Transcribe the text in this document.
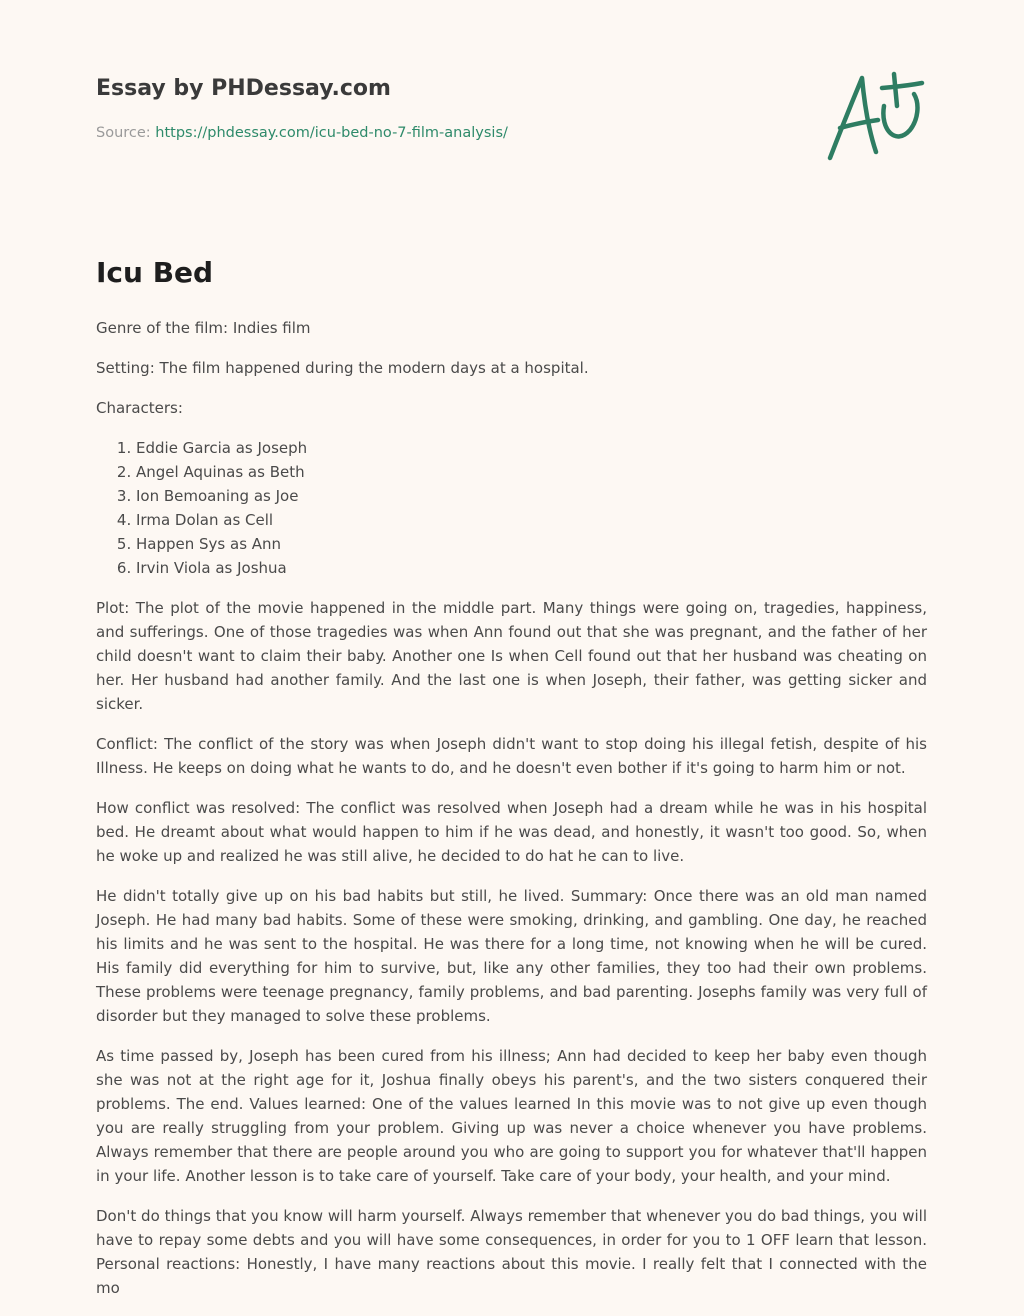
Essay by PHDessay.com
Source: https://phdessay.com/icu-bed-no-7-film-analysis/
Icu Bed

Genre of the film: Indies film

Setting: The film happened during the modern days at a hospital.

Characters:

1. Eddie Garcia as Joseph
2. Angel Aquinas as Beth
3. Ion Bemoaning as Joe
4. Irma Dolan as Cell
5. Happen Sys as Ann
6. Irvin Viola as Joshua

Plot: The plot of the movie happened in the middle part. Many things were going on, tragedies, happiness, and sufferings. One of those tragedies was when Ann found out that she was pregnant, and the father of her child doesn't want to claim their baby. Another one Is when Cell found out that her husband was cheating on her. Her husband had another family. And the last one is when Joseph, their father, was getting sicker and sicker.

Conflict: The conflict of the story was when Joseph didn't want to stop doing his illegal fetish, despite of his Illness. He keeps on doing what he wants to do, and he doesn't even bother if it's going to harm him or not.

How conflict was resolved: The conflict was resolved when Joseph had a dream while he was in his hospital bed. He dreamt about what would happen to him if he was dead, and honestly, it wasn't too good. So, when he woke up and realized he was still alive, he decided to do hat he can to live.

He didn't totally give up on his bad habits but still, he lived. Summary: Once there was an old man named Joseph. He had many bad habits. Some of these were smoking, drinking, and gambling. One day, he reached his limits and he was sent to the hospital. He was there for a long time, not knowing when he will be cured. His family did everything for him to survive, but, like any other families, they too had their own problems. These problems were teenage pregnancy, family problems, and bad parenting. Josephs family was very full of disorder but they managed to solve these problems.

As time passed by, Joseph has been cured from his illness; Ann had decided to keep her baby even though she was not at the right age for it, Joshua finally obeys his parent's, and the two sisters conquered their problems. The end. Values learned: One of the values learned In this movie was to not give up even though you are really struggling from your problem. Giving up was never a choice whenever you have problems. Always remember that there are people around you who are going to support you for whatever that'll happen in your life. Another lesson is to take care of yourself. Take care of your body, your health, and your mind.

Don't do things that you know will harm yourself. Always remember that whenever you do bad things, you will have to repay some debts and you will have some consequences, in order for you to 1 OFF learn that lesson. Personal reactions: Honestly, I have many reactions about this movie. I really felt that I connected with the mo
